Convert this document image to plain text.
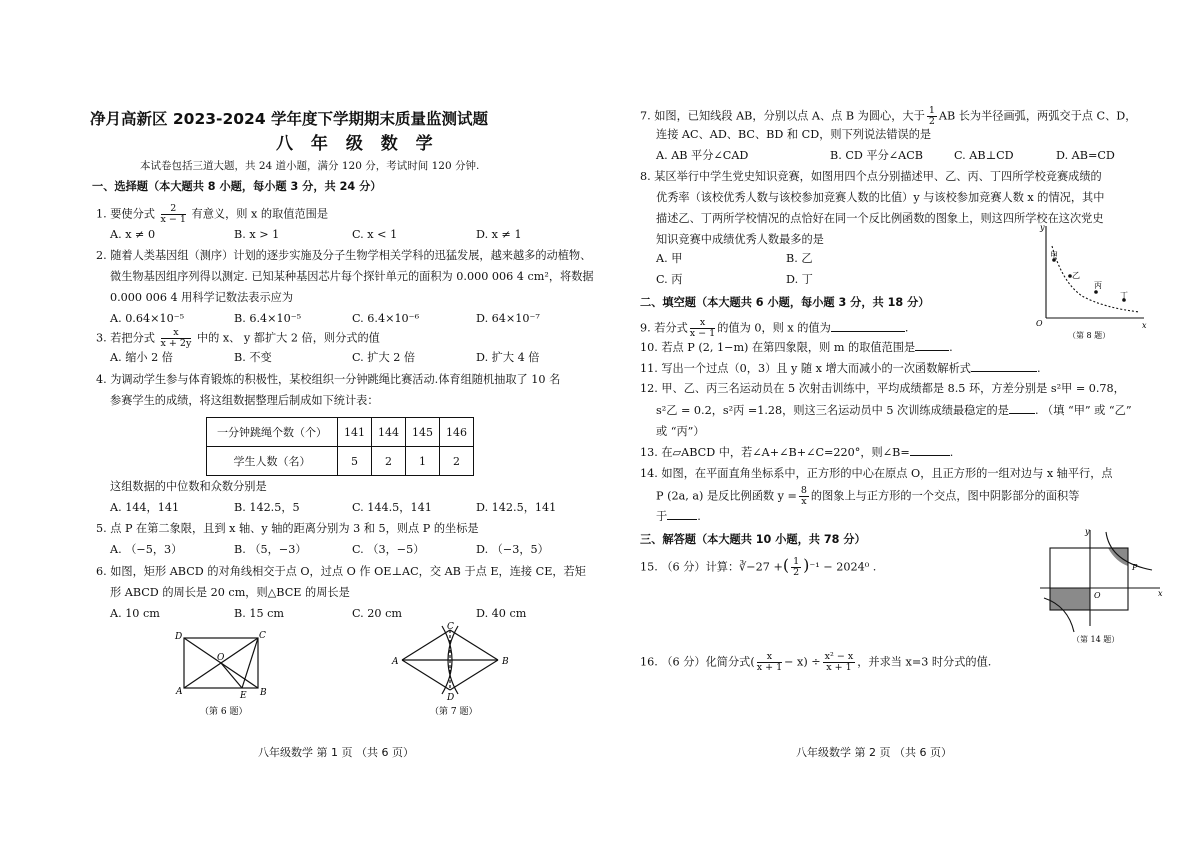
净月高新区 2023-2024 学年度下学期期末质量监测试题
八 年 级 数 学
本试卷包括三道大题，共 24 道小题，满分 120 分，考试时间 120 分钟.
一、选择题（本大题共 8 小题，每小题 3 分，共 24 分）
1. 要使分式 $\frac{2}{x - 1}$ 有意义，则 x 的取值范围是
A. x ≠ 0	B. x > 1	C. x < 1	D. x ≠ 1
2. 随着人类基因组（测序）计划的逐步实施及分子生物学相关学科的迅猛发展，越来越多的动植物、
微生物基因组序列得以测定. 已知某种基因芯片每个探针单元的面积为 0.000 006 4 cm²，将数据
0.000 006 4 用科学记数法表示应为
A. 0.64×10⁻⁵	B. 6.4×10⁻⁵	C. 6.4×10⁻⁶	D. 64×10⁻⁷
3. 若把分式 $\frac{x}{x + 2y}$ 中的 x、 y 都扩大 2 倍，则分式的值
A. 缩小 2 倍	B. 不变	C. 扩大 2 倍	D. 扩大 4 倍
4. 为调动学生参与体育锻炼的积极性，某校组织一分钟跳绳比赛活动.体育组随机抽取了 10 名
参赛学生的成绩，将这组数据整理后制成如下统计表：
一分钟跳绳个数（个）	141	144	145	146
学生人数（名）	5	2	1	2
这组数据的中位数和众数分别是
A. 144，141	B. 142.5，5	C. 144.5，141	D. 142.5，141
5. 点 P 在第二象限，且到 x 轴、y 轴的距离分别为 3 和 5，则点 P 的坐标是
A. （−5，3）	B. （5，−3）	C. （3，−5）	D. （−3，5）
6. 如图，矩形 ABCD 的对角线相交于点 O，过点 O 作 OE⊥AC，交 AB 于点 E，连接 CE，若矩
形 ABCD 的周长是 20 cm，则△BCE 的周长是
A. 10 cm	B. 15 cm	C. 20 cm	D. 40 cm
D	C
A	B
O
E
（第 6 题）
A	B
C
D
（第 7 题）
八年级数学 第 1 页 （共 6 页）
7. 如图，已知线段 AB，分别以点 A、点 B 为圆心，大于 $\frac{1}{2}$ AB 长为半径画弧，两弧交于点 C、D，
连接 AC、AD、BC、BD 和 CD，则下列说法错误的是
A. AB 平分∠CAD	B. CD 平分∠ACB	C. AB⊥CD	D. AB=CD
8. 某区举行中学生党史知识竞赛，如图用四个点分别描述甲、乙、丙、丁四所学校竞赛成绩的
优秀率（该校优秀人数与该校参加竞赛人数的比值）y 与该校参加竞赛人数 x 的情况，其中
描述乙、丁两所学校情况的点恰好在同一个反比例函数的图象上，则这四所学校在这次党史
知识竞赛中成绩优秀人数最多的是
A. 甲	B. 乙
C. 丙	D. 丁
y
x
O
甲
乙
丙
丁
（第 8 题）
二、填空题（本大题共 6 小题，每小题 3 分，共 18 分）
9. 若分式 $\frac{x}{x - 1}$ 的值为 0，则 x 的值为	.
10. 若点 P (2, 1−m) 在第四象限，则 m 的取值范围是	.
11. 写出一个过点（0，3）且 y 随 x 增大而减小的一次函数解析式	.
12. 甲、乙、丙三名运动员在 5 次射击训练中，平均成绩都是 8.5 环，方差分别是 s²甲 = 0.78，
s²乙 = 0.2，s²丙 =1.28，则这三名运动员中 5 次训练成绩最稳定的是 . （填 “甲” 或 “乙”
或 “丙”）
13. 在▱ABCD 中，若∠A+∠B+∠C=220°，则∠B=	.
14. 如图，在平面直角坐标系中，正方形的中心在原点 O，且正方形的一组对边与 x 轴平行，点
P (2a, a) 是反比例函数 $y = \frac{8}{x}$ 的图象上与正方形的一个交点，图中阴影部分的面积等
于	.
三、解答题（本大题共 10 小题，共 78 分）
15. （6 分）计算：∛−27 +( $\frac{1}{2} )^{-1} - 2024^0$ .
y
x
O
P
（第 14 题）
16. （6 分）化简分式( $\frac{x}{x + 1} - x) \div \frac{\text{x² − x}}{x + 1}$ ，并求当 x=3 时分式的值.
八年级数学 第 2 页 （共 6 页）
